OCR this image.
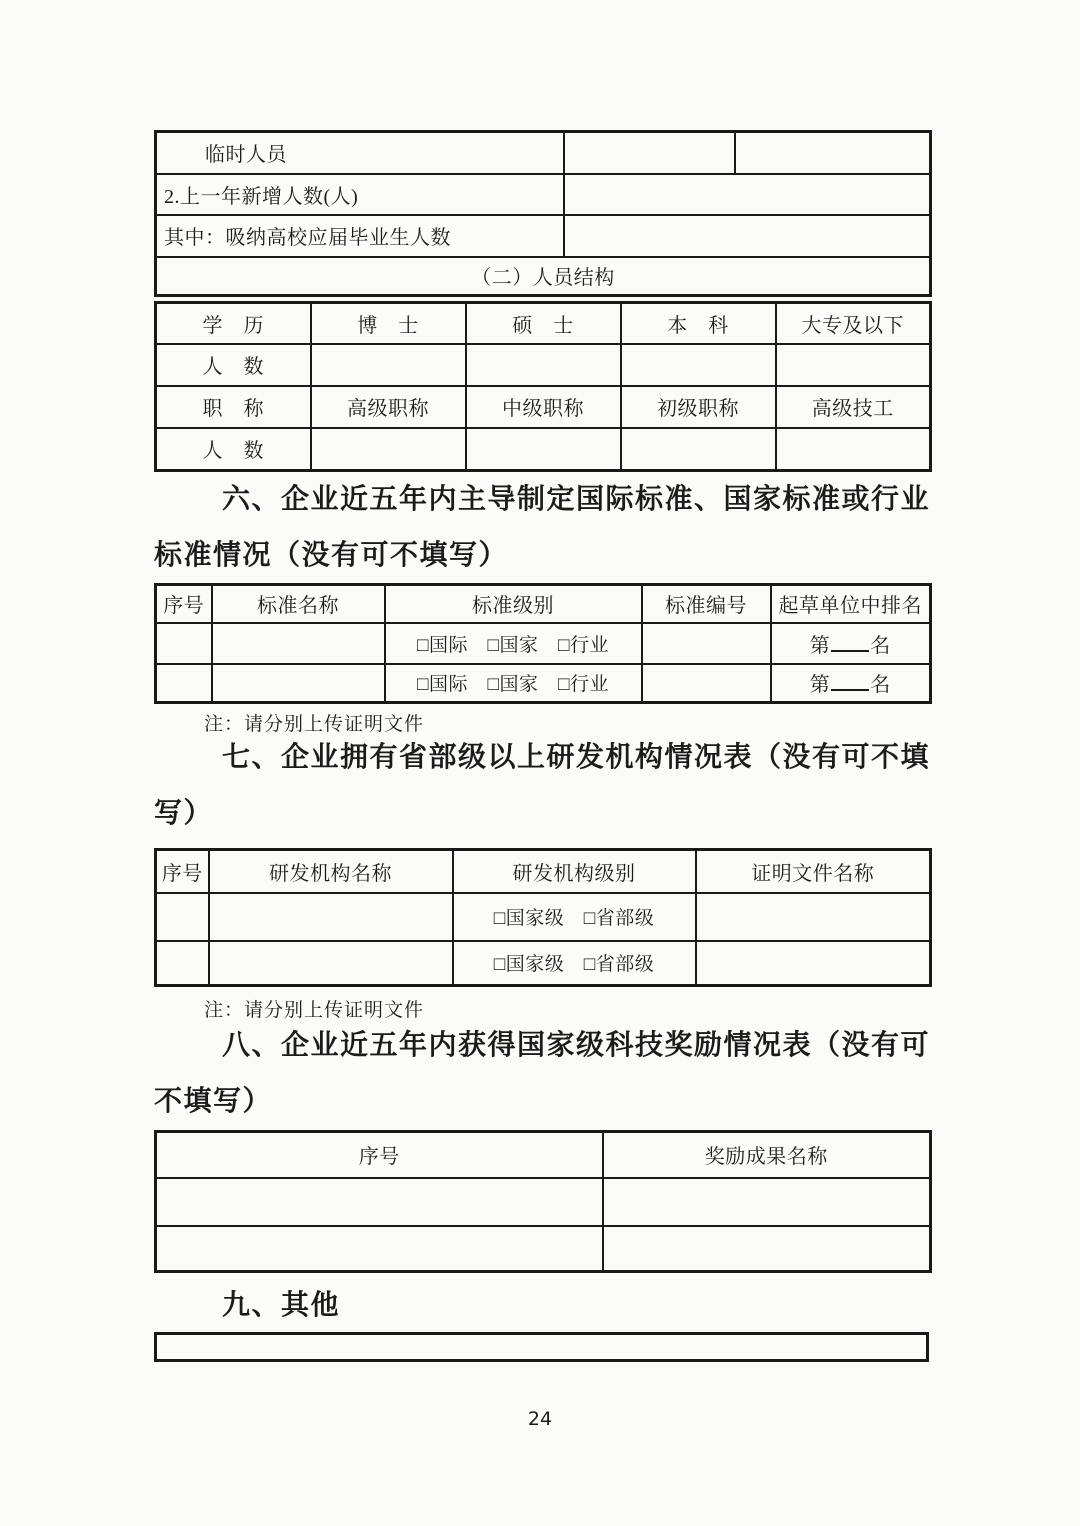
临时人员		
2.上一年新增人数(人)		
其中：吸纳高校应届毕业生人数		
（二）人员结构		
学　历	博　士	硕　士	本　科	大专及以下
人　数				
职　称	高级职称	中级职称	初级职称	高级技工
人　数				
六、企业近五年内主导制定国际标准、国家标准或行业
标准情况（没有可不填写）
序号	标准名称	标准级别	标准编号	起草单位中排名
		□国际　□国家　□行业		第 名
		□国际　□国家　□行业		第 名
注：请分别上传证明文件
七、企业拥有省部级以上研发机构情况表（没有可不填
写）
序号	研发机构名称	研发机构级别	证明文件名称
		□国家级　□省部级	
		□国家级　□省部级	
注：请分别上传证明文件
八、企业近五年内获得国家级科技奖励情况表（没有可
不填写）
序号	奖励成果名称

九、其他
24
